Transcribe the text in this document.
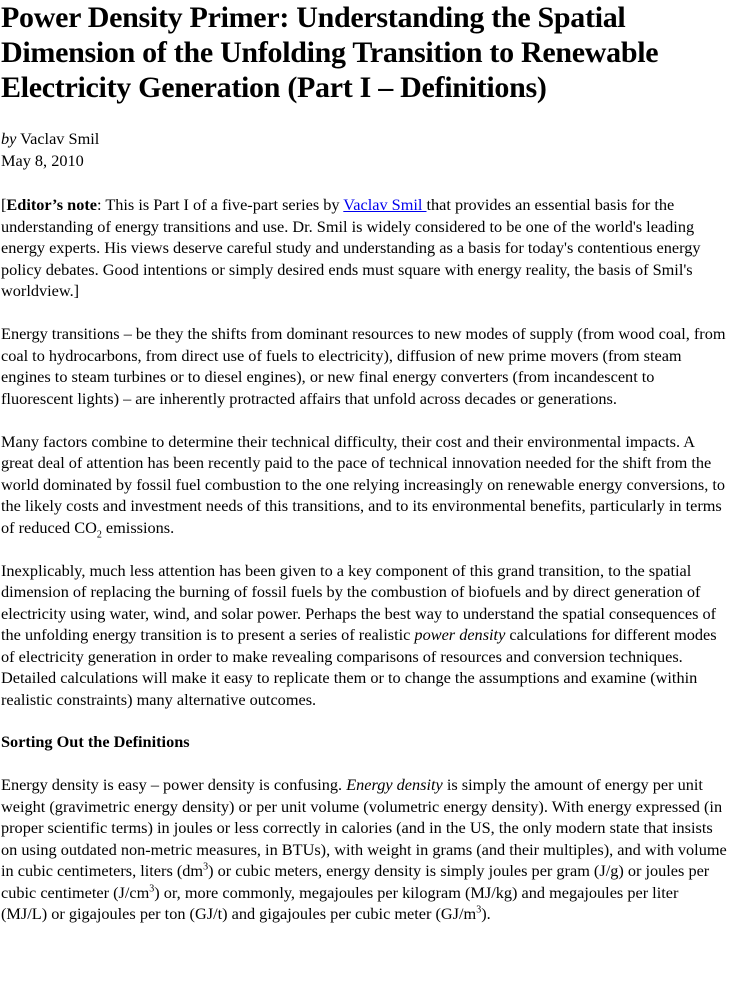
Power Density Primer: Understanding the Spatial Dimension of the Unfolding Transition to Renewable Electricity Generation (Part I – Definitions)
by Vaclav Smil
May 8, 2010

[Editor’s note: This is Part I of a five-part series by Vaclav Smil that provides an essential basis for the understanding of energy transitions and use. Dr. Smil is widely considered to be one of the world's leading energy experts. His views deserve careful study and understanding as a basis for today's contentious energy policy debates. Good intentions or simply desired ends must square with energy reality, the basis of Smil's worldview.]

Energy transitions – be they the shifts from dominant resources to new modes of supply (from wood coal, from coal to hydrocarbons, from direct use of fuels to electricity), diffusion of new prime movers (from steam engines to steam turbines or to diesel engines), or new final energy converters (from incandescent to fluorescent lights) – are inherently protracted affairs that unfold across decades or generations.

Many factors combine to determine their technical difficulty, their cost and their environmental impacts. A great deal of attention has been recently paid to the pace of technical innovation needed for the shift from the world dominated by fossil fuel combustion to the one relying increasingly on renewable energy conversions, to the likely costs and investment needs of this transitions, and to its environmental benefits, particularly in terms of reduced $CO_2$ emissions.

Inexplicably, much less attention has been given to a key component of this grand transition, to the spatial dimension of replacing the burning of fossil fuels by the combustion of biofuels and by direct generation of electricity using water, wind, and solar power. Perhaps the best way to understand the spatial consequences of the unfolding energy transition is to present a series of realistic power density calculations for different modes of electricity generation in order to make revealing comparisons of resources and conversion techniques. Detailed calculations will make it easy to replicate them or to change the assumptions and examine (within realistic constraints) many alternative outcomes.

Sorting Out the Definitions

Energy density is easy – power density is confusing. Energy density is simply the amount of energy per unit weight (gravimetric energy density) or per unit volume (volumetric energy density). With energy expressed (in proper scientific terms) in joules or less correctly in calories (and in the US, the only modern state that insists on using outdated non-metric measures, in BTUs), with weight in grams (and their multiples), and with volume in cubic centimeters, liters $(dm^3)$ or cubic meters, energy density is simply joules per gram (J/g) or joules per cubic centimeter $(J/cm^3)$ or, more commonly, megajoules per kilogram (MJ/kg) and megajoules per liter (MJ/L) or gigajoules per ton (GJ/t) and gigajoules per cubic meter $(GJ/m^3)$.
